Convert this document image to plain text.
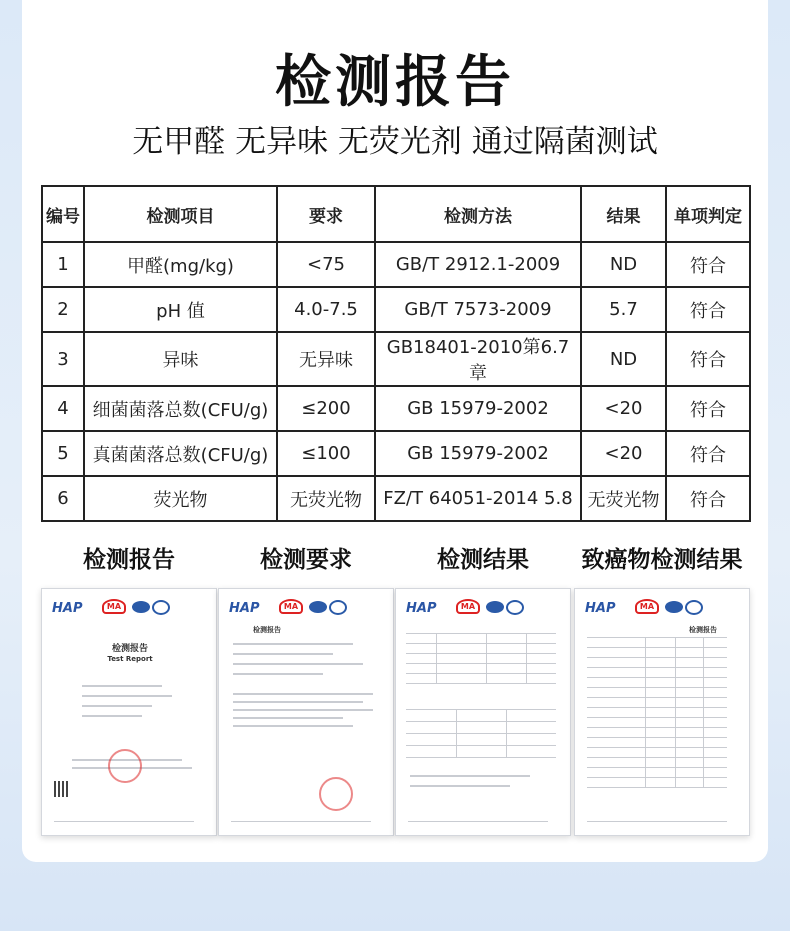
检测报告
无甲醛 无异味 无荧光剂 通过隔菌测试
编号	检测项目	要求	检测方法	结果	单项判定
1	甲醛(mg/kg)	<75	GB/T 2912.1-2009	ND	符合
2	pH 值	4.0-7.5	GB/T 7573-2009	5.7	符合
3	异味	无异味	GB18401-2010第6.7章	ND	符合
4	细菌菌落总数(CFU/g)	≤200	GB 15979-2002	<20	符合
5	真菌菌落总数(CFU/g)	≤100	GB 15979-2002	<20	符合
6	荧光物	无荧光物	FZ/T 64051-2014 5.8	无荧光物	符合
检测报告
HAP	MA
检测报告
Test Report
检测要求
HAP	MA
检测报告
检测结果
HAP	MA
致癌物检测结果
HAP	MA
检测报告
